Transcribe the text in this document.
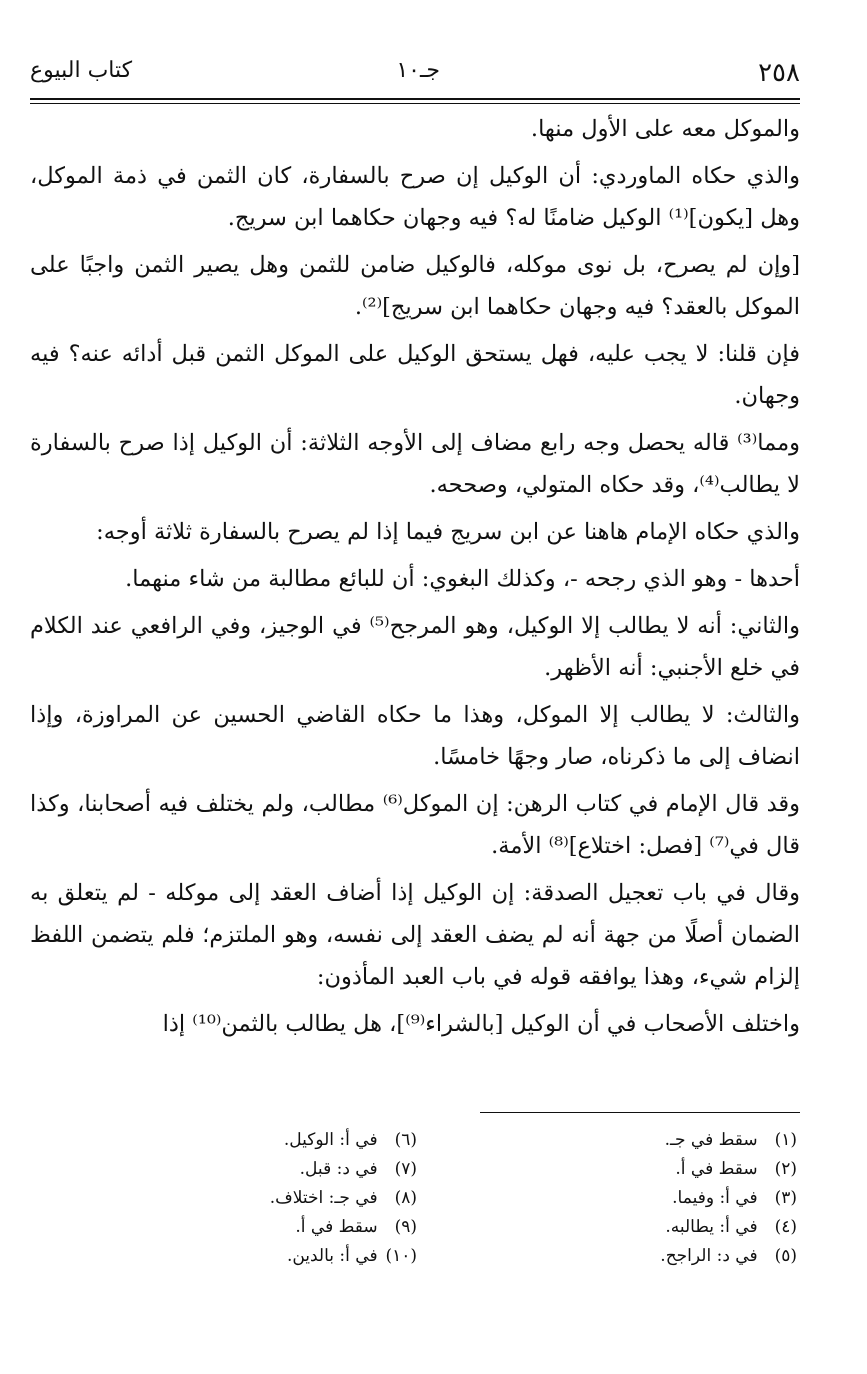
٢٥٨
جـ١٠
كتاب البيوع

والموكل معه على الأول منها.

والذي حكاه الماوردي: أن الوكيل إن صرح بالسفارة، كان الثمن في ذمة الموكل، وهل [يكون]⁽¹⁾ الوكيل ضامنًا له؟ فيه وجهان حكاهما ابن سريج.

[وإن لم يصرح، بل نوى موكله، فالوكيل ضامن للثمن وهل يصير الثمن واجبًا على الموكل بالعقد؟ فيه وجهان حكاهما ابن سريج]⁽²⁾.

فإن قلنا: لا يجب عليه، فهل يستحق الوكيل على الموكل الثمن قبل أدائه عنه؟ فيه وجهان.

ومما⁽³⁾ قاله يحصل وجه رابع مضاف إلى الأوجه الثلاثة: أن الوكيل إذا صرح بالسفارة لا يطالب⁽⁴⁾، وقد حكاه المتولي، وصححه.

والذي حكاه الإمام هاهنا عن ابن سريج فيما إذا لم يصرح بالسفارة ثلاثة أوجه:

أحدها - وهو الذي رجحه -، وكذلك البغوي: أن للبائع مطالبة من شاء منهما.

والثاني: أنه لا يطالب إلا الوكيل، وهو المرجح⁽⁵⁾ في الوجيز، وفي الرافعي عند الكلام في خلع الأجنبي: أنه الأظهر.

والثالث: لا يطالب إلا الموكل، وهذا ما حكاه القاضي الحسين عن المراوزة، وإذا انضاف إلى ما ذكرناه، صار وجهًا خامسًا.

وقد قال الإمام في كتاب الرهن: إن الموكل⁽⁶⁾ مطالب، ولم يختلف فيه أصحابنا، وكذا قال في⁽⁷⁾ [فصل: اختلاع]⁽⁸⁾ الأمة.

وقال في باب تعجيل الصدقة: إن الوكيل إذا أضاف العقد إلى موكله - لم يتعلق به الضمان أصلًا من جهة أنه لم يضف العقد إلى نفسه، وهو الملتزم؛ فلم يتضمن اللفظ إلزام شيء، وهذا يوافقه قوله في باب العبد المأذون:

واختلف الأصحاب في أن الوكيل [بالشراء⁽⁹⁾]، هل يطالب بالثمن⁽¹⁰⁾ إذا

(١) سقط في جـ.
(٢) سقط في أ.
(٣) في أ: وفيما.
(٤) في أ: يطالبه.
(٥) في د: الراجح.
(٦) في أ: الوكيل.
(٧) في د: قبل.
(٨) في جـ: اختلاف.
(٩) سقط في أ.
(١٠) في أ: بالدين.
